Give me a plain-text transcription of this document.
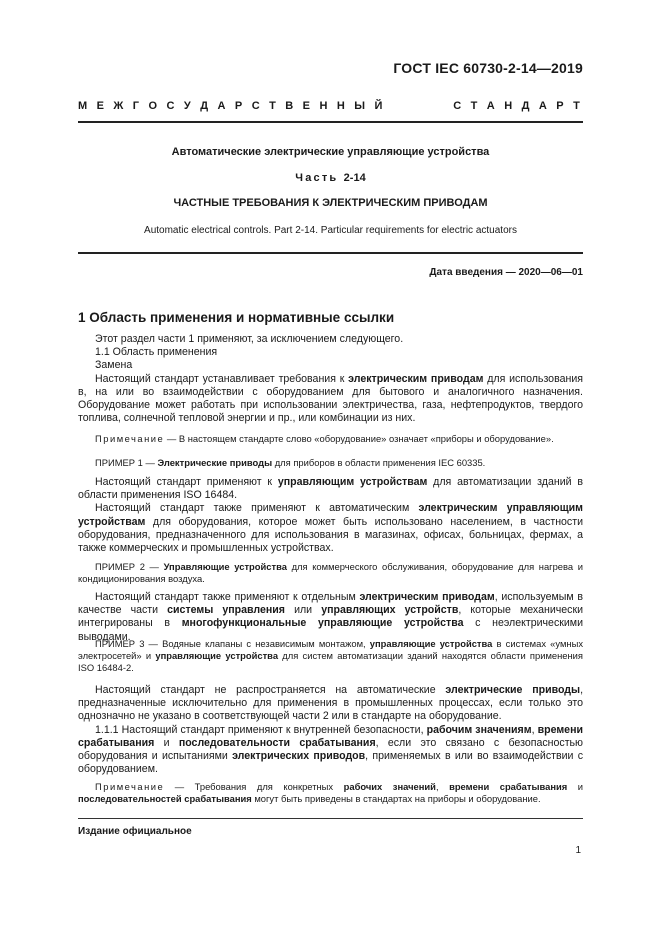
ГОСТ IEC 60730-2-14—2019
М Е Ж Г О С У Д А Р С Т В Е Н Н Ы Й	С Т А Н Д А Р Т
Автоматические электрические управляющие устройства
Часть 2-14
ЧАСТНЫЕ ТРЕБОВАНИЯ К ЭЛЕКТРИЧЕСКИМ ПРИВОДАМ
Automatic electrical controls. Part 2-14. Particular requirements for electric actuators
Дата введения — 2020—06—01
1 Область применения и нормативные ссылки

Этот раздел части 1 применяют, за исключением следующего.

1.1 Область применения

Замена

Настоящий стандарт устанавливает требования к электрическим приводам для использования в, на или во взаимодействии с оборудованием для бытового и аналогичного назначения. Оборудование может работать при использовании электричества, газа, нефтепродуктов, твердого топлива, солнечной тепловой энергии и пр., или комбинации из них.

Примечание — В настоящем стандарте слово «оборудование» означает «приборы и оборудование».

ПРИМЕР 1 — Электрические приводы для приборов в области применения IEC 60335.

Настоящий стандарт применяют к управляющим устройствам для автоматизации зданий в области применения ISO 16484.

Настоящий стандарт также применяют к автоматическим электрическим управляющим устройствам для оборудования, которое может быть использовано населением, в частности оборудования, предназначенного для использования в магазинах, офисах, больницах, фермах, а также коммерческих и промышленных устройствах.

ПРИМЕР 2 — Управляющие устройства для коммерческого обслуживания, оборудование для нагрева и кондиционирования воздуха.

Настоящий стандарт также применяют к отдельным электрическим приводам, используемым в качестве части системы управления или управляющих устройств, которые механически интегрированы в многофункциональные управляющие устройства с неэлектрическими выводами.

ПРИМЕР 3 — Водяные клапаны с независимым монтажом, управляющие устройства в системах «умных электросетей» и управляющие устройства для систем автоматизации зданий находятся области применения ISO 16484-2.

Настоящий стандарт не распространяется на автоматические электрические приводы, предназначенные исключительно для применения в промышленных процессах, если только это однозначно не указано в соответствующей части 2 или в стандарте на оборудование.

1.1.1 Настоящий стандарт применяют к внутренней безопасности, рабочим значениям, времени срабатывания и последовательности срабатывания, если это связано с безопасностью оборудования и испытаниями электрических приводов, применяемых в или во взаимодействии с оборудованием.

Примечание — Требования для конкретных рабочих значений, времени срабатывания и последовательностей срабатывания могут быть приведены в стандартах на приборы и оборудование.

Издание официальное
1
